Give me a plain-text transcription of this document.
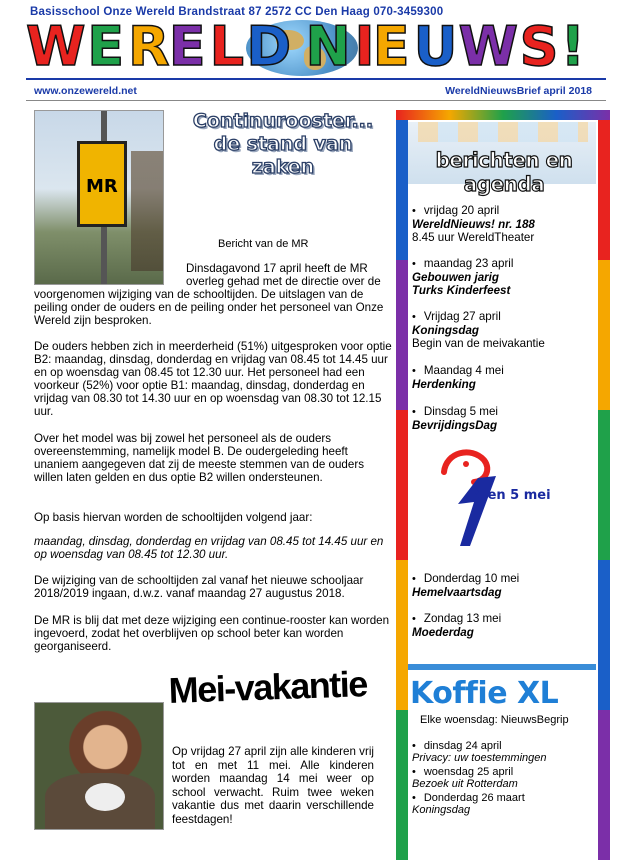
Basisschool Onze Wereld Brandstraat 87 2572 CC Den Haag 070-3459300
W E R E L D N I
E U W S !
www.onzewereld.net	WereldNieuwsBrief april 2018
MR
Continurooster...
de stand van
zaken
Bericht van de MR
Dinsdagavond 17 april heeft de MR overleg gehad met de directie over de
voorgenomen wijziging van de schooltijden. De uitslagen van de peiling onder de ouders en de peiling onder het personeel van Onze Wereld zijn besproken.
De ouders hebben zich in meerderheid (51%) uitgesproken voor optie B2: maandag, dinsdag, donderdag en vrijdag van 08.45 tot 14.45 uur en op woensdag van 08.45 tot 12.30 uur. Het personeel had een voorkeur (52%) voor optie B1: maandag, dinsdag, donderdag en vrijdag van 08.30 tot 14.30 uur en op woensdag van 08.30 tot 12.15 uur.
Over het model was bij zowel het personeel als de ouders overeenstemming, namelijk model B. De oudergeleding heeft unaniem aangegeven dat zij de meeste stemmen van de ouders willen laten gelden en dus optie B2 willen ondersteunen.
Op basis hiervan worden de schooltijden volgend jaar:
maandag, dinsdag, donderdag en vrijdag van 08.45 tot 14.45 uur en op woensdag van 08.45 tot 12.30 uur.
De wijziging van de schooltijden zal vanaf het nieuwe schooljaar 2018/2019 ingaan, d.w.z. vanaf maandag 27 augustus 2018.
De MR is blij dat met deze wijziging een continue-rooster kan worden ingevoerd, zodat het overblijven op school beter kan worden georganiseerd.
Mei-vakantie
Op vrijdag 27 april zijn alle kinderen vrij tot en met 11 mei. Alle kinderen worden maandag 14 mei weer op school verwacht. Ruim twee weken vakantie dus met daarin verschillende feestdagen!
berichten en agenda
• vrijdag 20 april
WereldNieuws! nr. 188
8.45 uur WereldTheater
• maandag 23 april
Gebouwen jarig
Turks Kinderfeest
• Vrijdag 27 april
Koningsdag
Begin van de meivakantie
• Maandag 4 mei
Herdenking
• Dinsdag 5 mei
BevrijdingsDag
4 en 5 mei
• Donderdag 10 mei
Hemelvaartsdag
• Zondag 13 mei
Moederdag
Koffie XL
Elke woensdag: NieuwsBegrip
• dinsdag 24 april
Privacy: uw toestemmingen
• woensdag 25 april
Bezoek uit Rotterdam
• Donderdag 26 maart
Koningsdag
